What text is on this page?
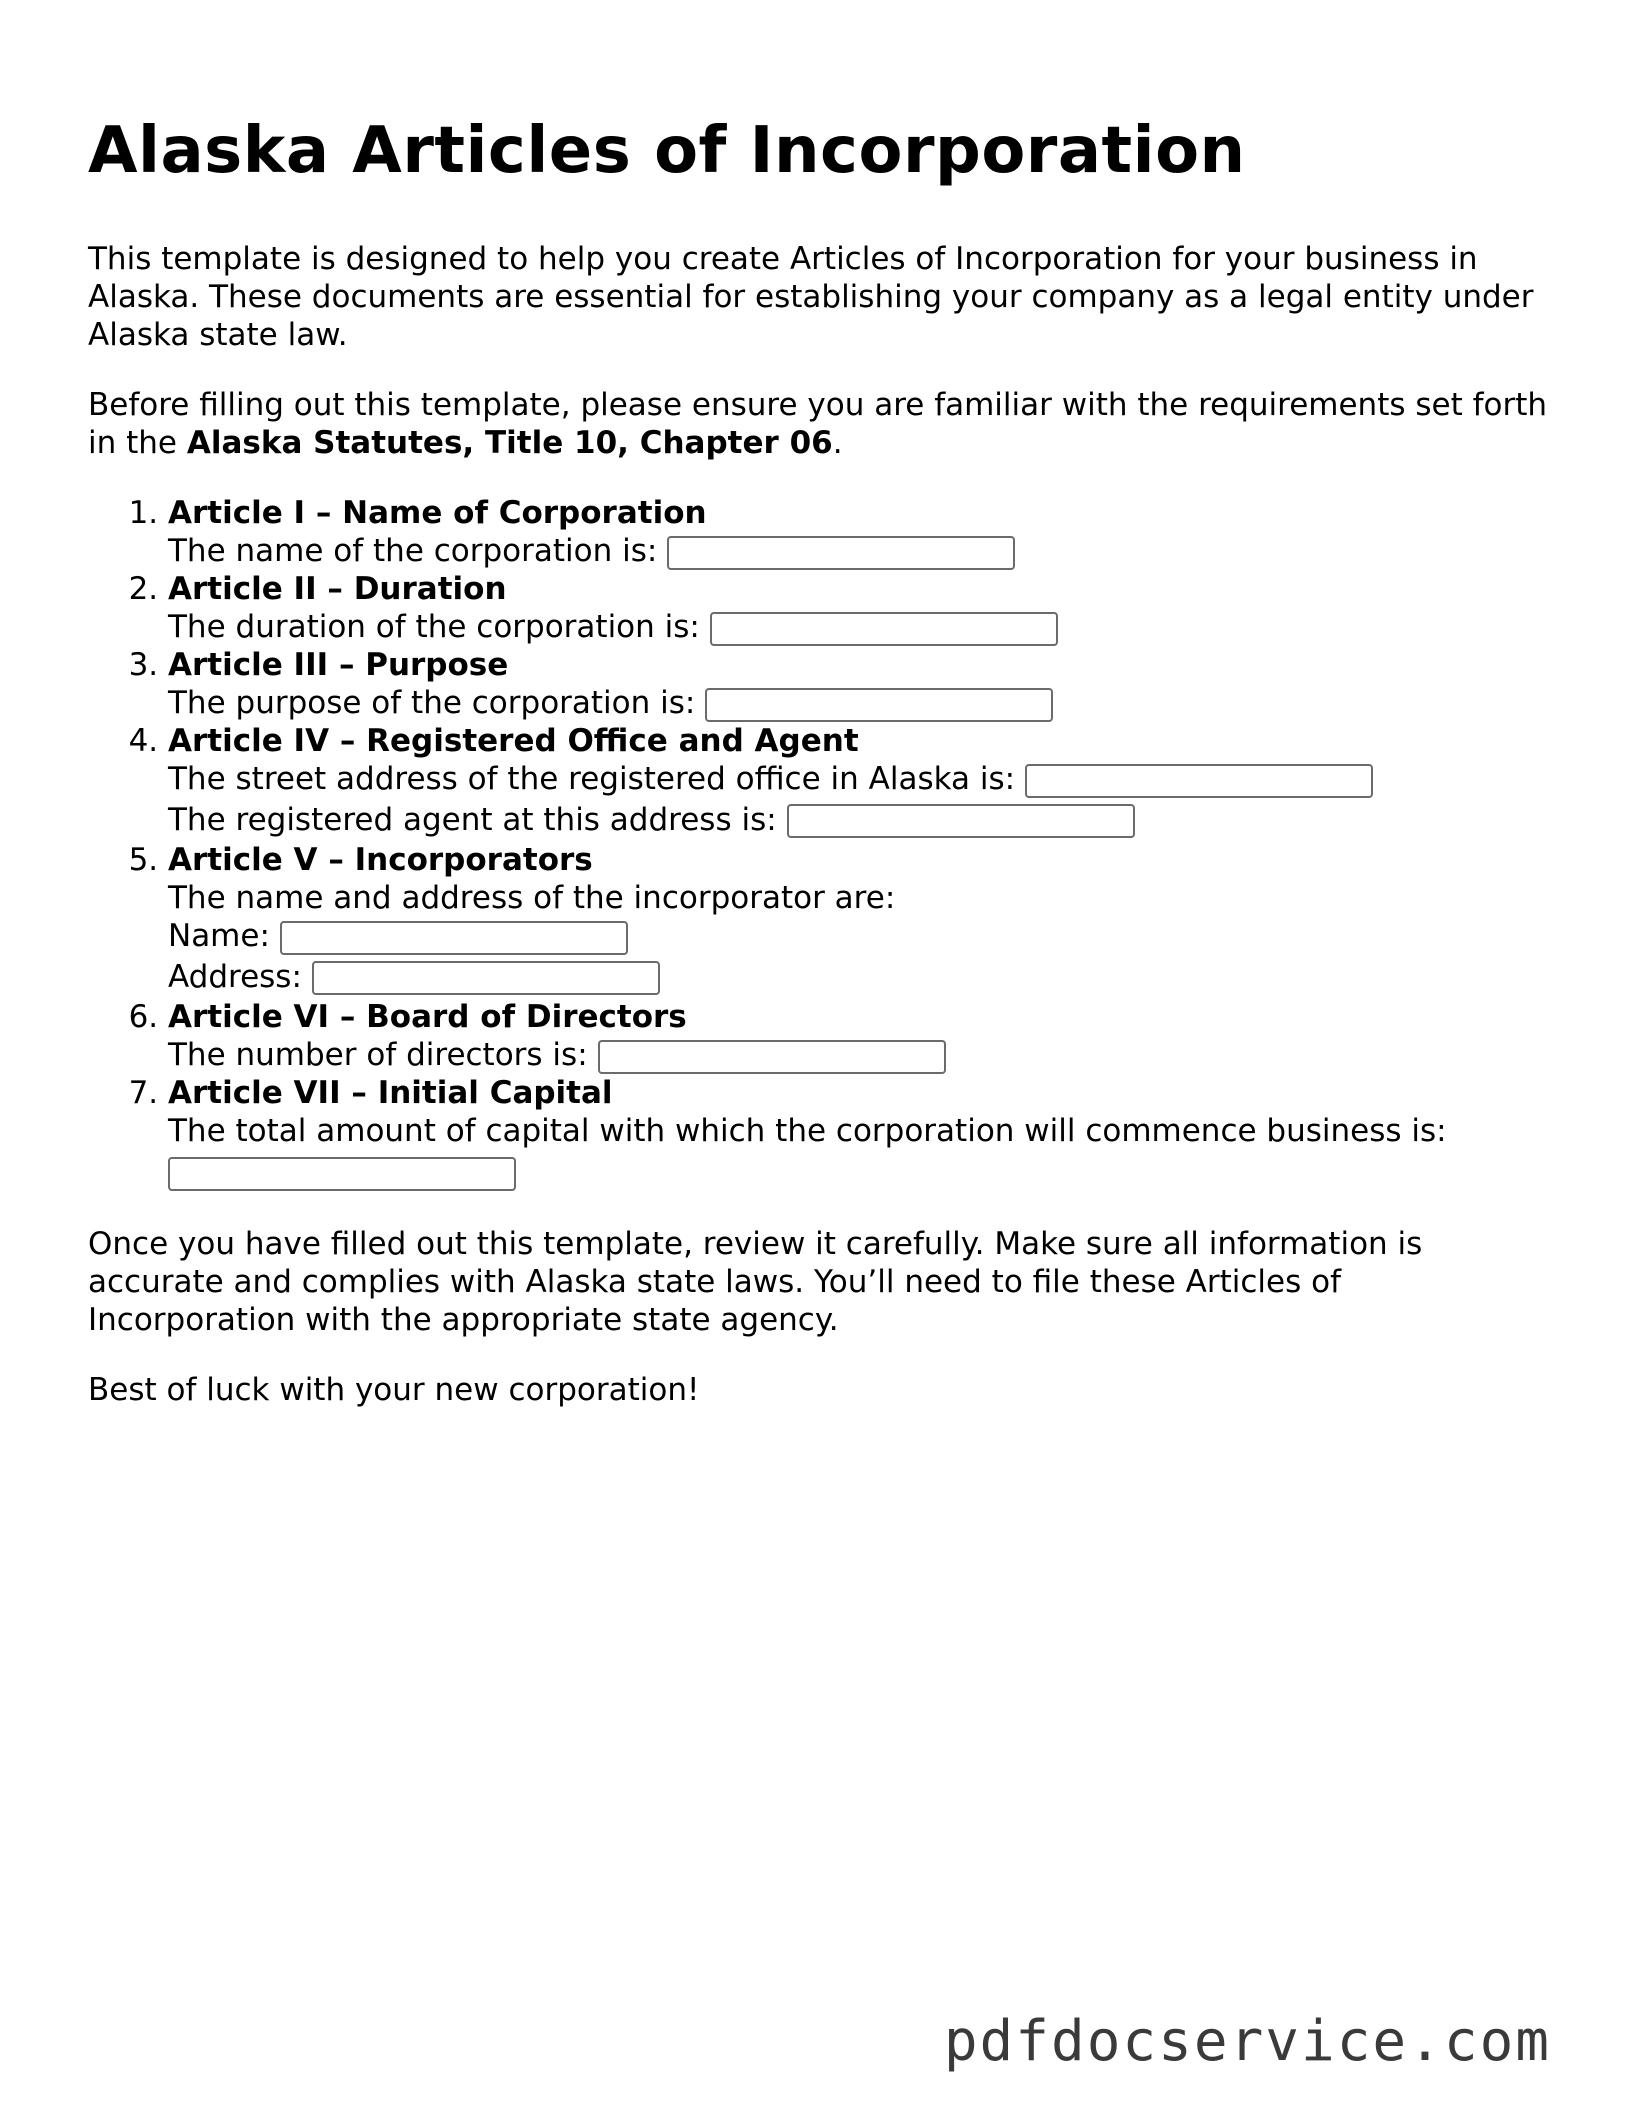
Alaska Articles of Incorporation

This template is designed to help you create Articles of Incorporation for your business in Alaska. These documents are essential for establishing your company as a legal entity under Alaska state law.

Before filling out this template, please ensure you are familiar with the requirements set forth in the Alaska Statutes, Title 10, Chapter 06.

1. Article I – Name of Corporation
The name of the corporation is:
2. Article II – Duration
The duration of the corporation is:
3. Article III – Purpose
The purpose of the corporation is:
4. Article IV – Registered Office and Agent
The street address of the registered office in Alaska is:
The registered agent at this address is:
5. Article V – Incorporators
The name and address of the incorporator are:
Name:
Address:
6. Article VI – Board of Directors
The number of directors is:
7. Article VII – Initial Capital
The total amount of capital with which the corporation will commence business is:

Once you have filled out this template, review it carefully. Make sure all information is accurate and complies with Alaska state laws. You’ll need to file these Articles of Incorporation with the appropriate state agency.

Best of luck with your new corporation!

pdfdocservice.com
